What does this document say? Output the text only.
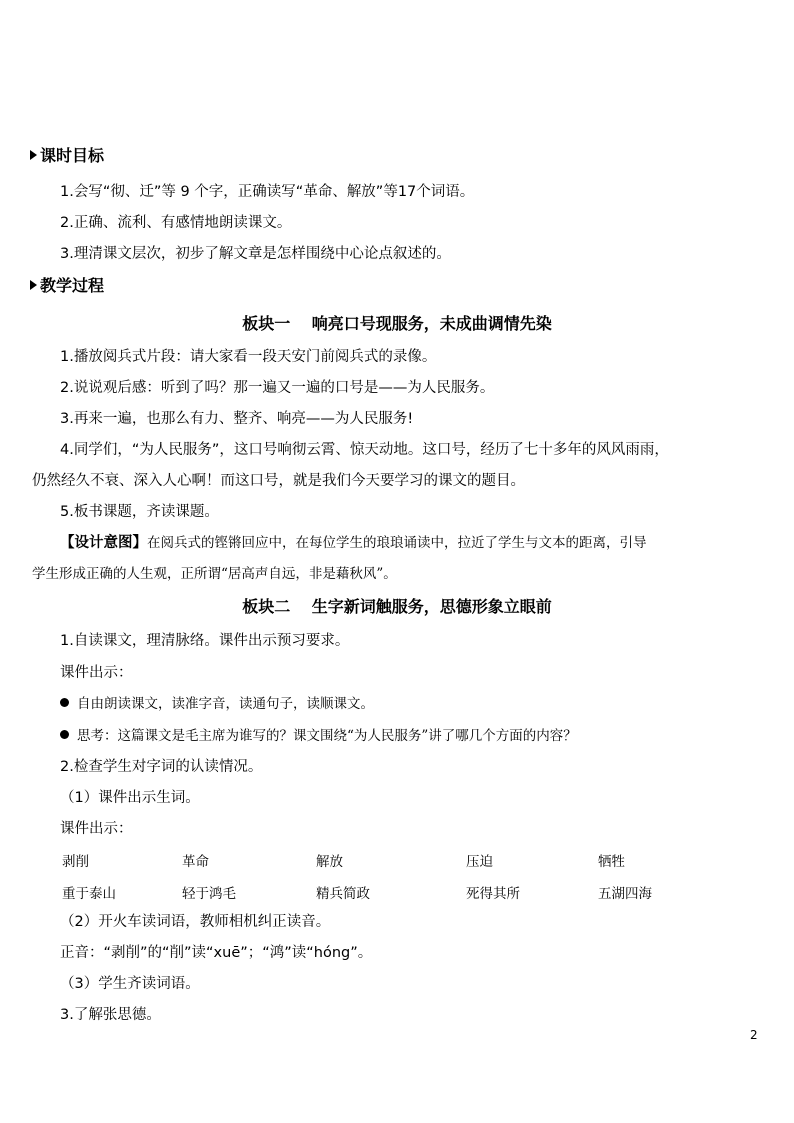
课时目标
1.会写“彻、迁”等 9 个字，正确读写“革命、解放”等17个词语。
2.正确、流利、有感情地朗读课文。
3.理清课文层次，初步了解文章是怎样围绕中心论点叙述的。
教学过程
板块一　 响亮口号现服务，未成曲调情先染
1.播放阅兵式片段：请大家看一段天安门前阅兵式的录像。
2.说说观后感：听到了吗？那一遍又一遍的口号是——为人民服务。
3.再来一遍，也那么有力、整齐、响亮——为人民服务!
4.同学们，“为人民服务”，这口号响彻云霄、惊天动地。这口号，经历了七十多年的风风雨雨，
仍然经久不衰、深入人心啊！而这口号，就是我们今天要学习的课文的题目。
5.板书课题，齐读课题。
【设计意图】在阅兵式的铿锵回应中，在每位学生的琅琅诵读中，拉近了学生与文本的距离，引导
学生形成正确的人生观，正所谓“居高声自远，非是藉秋风”。
板块二　 生字新词触服务，思德形象立眼前
1.自读课文，理清脉络。课件出示预习要求。
课件出示：
自由朗读课文，读准字音，读通句子，读顺课文。
思考：这篇课文是毛主席为谁写的？课文围绕“为人民服务”讲了哪几个方面的内容？
2.检查学生对字词的认读情况。
（1）课件出示生词。
课件出示：
剥削	革命	解放	压迫	牺牲
重于泰山	轻于鸿毛	精兵简政	死得其所	五湖四海
（2）开火车读词语，教师相机纠正读音。
正音：“剥削”的“削”读“xuē”；“鸿”读“hóng”。
（3）学生齐读词语。
3.了解张思德。
2
